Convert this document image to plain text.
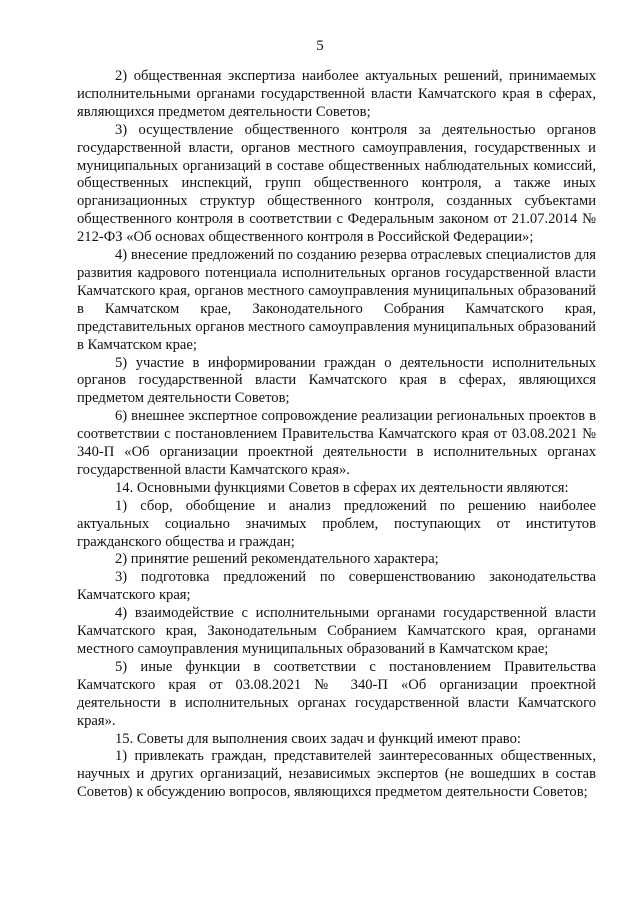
5

2) общественная экспертиза наиболее актуальных решений, принимаемых исполнительными органами государственной власти Камчатского края в сферах, являющихся предметом деятельности Советов;

3) осуществление общественного контроля за деятельностью органов государственной власти, органов местного самоуправления, государственных и муниципальных организаций в составе общественных наблюдательных комиссий, общественных инспекций, групп общественного контроля, а также иных организационных структур общественного контроля, созданных субъектами общественного контроля в соответствии с Федеральным законом от 21.07.2014 № 212-ФЗ «Об основах общественного контроля в Российской Федерации»;

4) внесение предложений по созданию резерва отраслевых специалистов для развития кадрового потенциала исполнительных органов государственной власти Камчатского края, органов местного самоуправления муниципальных образований в Камчатском крае, Законодательного Собрания Камчатского края, представительных органов местного самоуправления муниципальных образований в Камчатском крае;

5) участие в информировании граждан о деятельности исполнительных органов государственной власти Камчатского края в сферах, являющихся предметом деятельности Советов;

6) внешнее экспертное сопровождение реализации региональных проектов в соответствии с постановлением Правительства Камчатского края от 03.08.2021 № 340-П «Об организации проектной деятельности в исполнительных органах государственной власти Камчатского края».

14. Основными функциями Советов в сферах их деятельности являются:

1) сбор, обобщение и анализ предложений по решению наиболее актуальных социально значимых проблем, поступающих от институтов гражданского общества и граждан;

2) принятие решений рекомендательного характера;

3) подготовка предложений по совершенствованию законодательства Камчатского края;

4) взаимодействие с исполнительными органами государственной власти Камчатского края, Законодательным Собранием Камчатского края, органами местного самоуправления муниципальных образований в Камчатском крае;

5) иные функции в соответствии с постановлением Правительства Камчатского края от 03.08.2021 № 340-П «Об организации проектной деятельности в исполнительных органах государственной власти Камчатского края».

15. Советы для выполнения своих задач и функций имеют право:

1) привлекать граждан, представителей заинтересованных общественных, научных и других организаций, независимых экспертов (не вошедших в состав Советов) к обсуждению вопросов, являющихся предметом деятельности Советов;
